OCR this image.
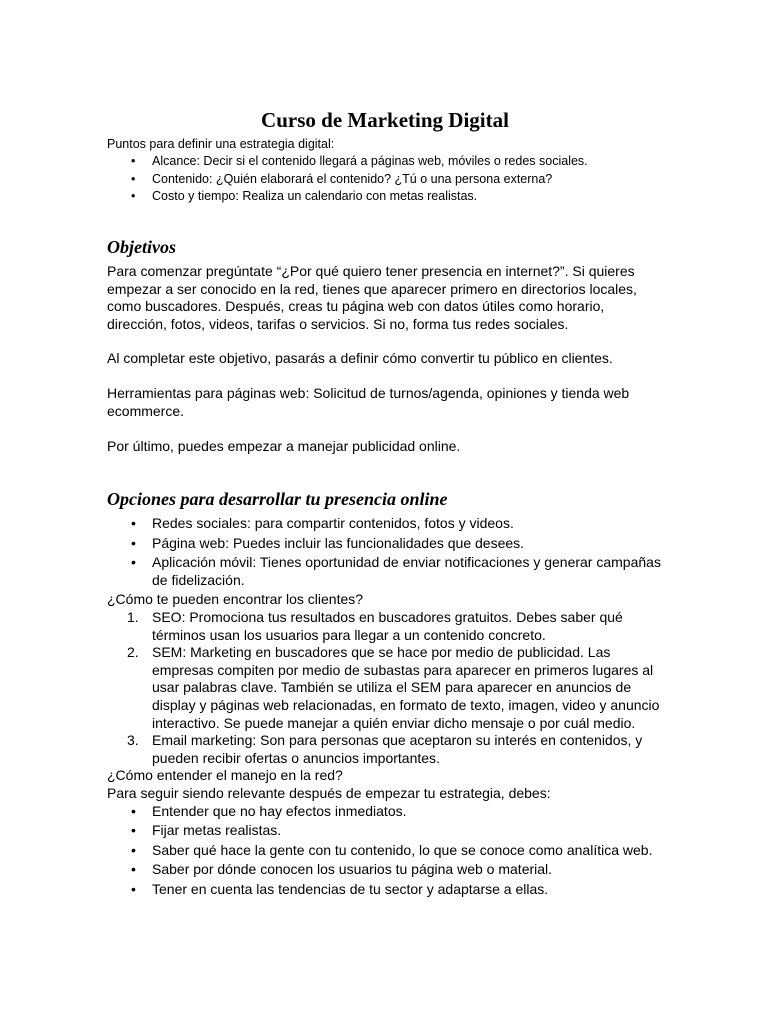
Curso de Marketing Digital

Puntos para definir una estrategia digital:

• Alcance: Decir si el contenido llegará a páginas web, móviles o redes sociales.
• Contenido: ¿Quién elaborará el contenido? ¿Tú o una persona externa?
• Costo y tiempo: Realiza un calendario con metas realistas.
Objetivos

Para comenzar pregúntate “¿Por qué quiero tener presencia en internet?”. Si quieres empezar a ser conocido en la red, tienes que aparecer primero en directorios locales, como buscadores. Después, creas tu página web con datos útiles como horario, dirección, fotos, videos, tarifas o servicios. Si no, forma tus redes sociales.

Al completar este objetivo, pasarás a definir cómo convertir tu público en clientes.

Herramientas para páginas web: Solicitud de turnos/agenda, opiniones y tienda web ecommerce.

Por último, puedes empezar a manejar publicidad online.

Opciones para desarrollar tu presencia online
• Redes sociales: para compartir contenidos, fotos y videos.
• Página web: Puedes incluir las funcionalidades que desees.
• Aplicación móvil: Tienes oportunidad de enviar notificaciones y generar campañas de fidelización.

¿Cómo te pueden encontrar los clientes?

1. SEO: Promociona tus resultados en buscadores gratuitos. Debes saber qué términos usan los usuarios para llegar a un contenido concreto.
2. SEM: Marketing en buscadores que se hace por medio de publicidad. Las empresas compiten por medio de subastas para aparecer en primeros lugares al usar palabras clave. También se utiliza el SEM para aparecer en anuncios de display y páginas web relacionadas, en formato de texto, imagen, video y anuncio interactivo. Se puede manejar a quién enviar dicho mensaje o por cuál medio.
3. Email marketing: Son para personas que aceptaron su interés en contenidos, y pueden recibir ofertas o anuncios importantes.

¿Cómo entender el manejo en la red?

Para seguir siendo relevante después de empezar tu estrategia, debes:

• Entender que no hay efectos inmediatos.
• Fijar metas realistas.
• Saber qué hace la gente con tu contenido, lo que se conoce como analítica web.
• Saber por dónde conocen los usuarios tu página web o material.
• Tener en cuenta las tendencias de tu sector y adaptarse a ellas.
